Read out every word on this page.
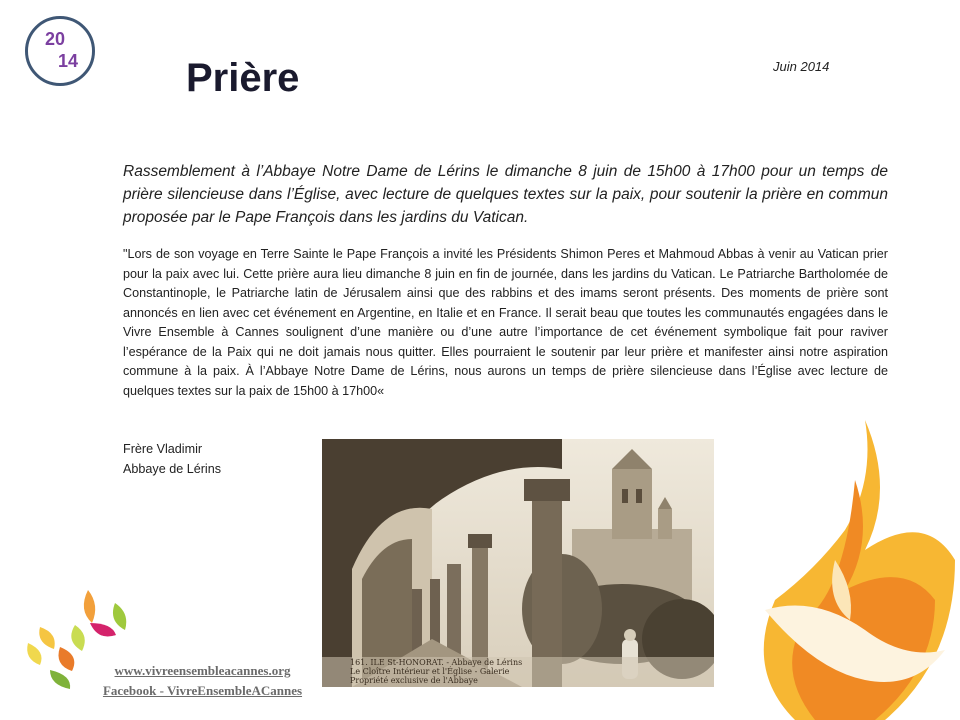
20
14	Prière	Juin 2014

Rassemblement à l’Abbaye Notre Dame de Lérins le dimanche 8 juin de 15h00 à 17h00 pour un temps de prière silencieuse dans l’Église, avec lecture de quelques textes sur la paix, pour soutenir la prière en commun proposée par le Pape François dans les jardins du Vatican.

"Lors de son voyage en Terre Sainte le Pape François a invité les Présidents Shimon Peres et Mahmoud Abbas à venir au Vatican prier pour la paix avec lui. Cette prière aura lieu dimanche 8 juin en fin de journée, dans les jardins du Vatican. Le Patriarche Bartholomée de Constantinople, le Patriarche latin de Jérusalem ainsi que des rabbins et des imams seront présents. Des moments de prière sont annoncés en lien avec cet événement en Argentine, en Italie et en France. Il serait beau que toutes les communautés engagées dans le Vivre Ensemble à Cannes soulignent d’une manière ou d’une autre l’importance de cet événement symbolique fait pour raviver l’espérance de la Paix qui ne doit jamais nous quitter. Elles pourraient le soutenir par leur prière et manifester ainsi notre aspiration commune à la paix. À l’Abbaye Notre Dame de Lérins, nous aurons un temps de prière silencieuse dans l’Église avec lecture de quelques textes sur la paix de 15h00 à 17h00«

Frère Vladimir
Abbaye de Lérins
161. ILE St-HONORAT. - Abbaye de Lérins
Le Cloître Intérieur et l'Église - Galerie
Propriété exclusive de l'Abbaye
www.vivreensembleacannes.org
Facebook - VivreEnsembleACannes
